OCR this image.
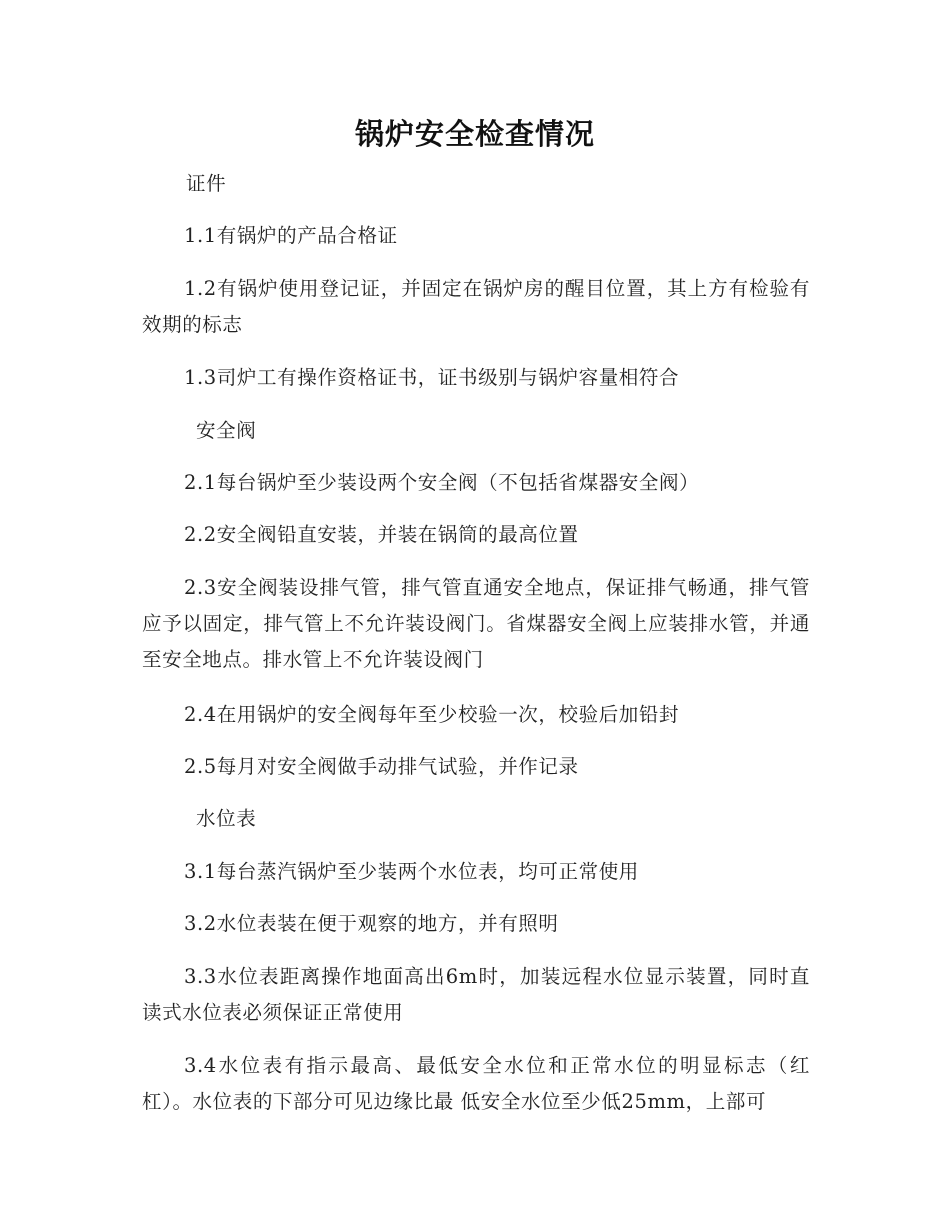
锅炉安全检查情况

证件

1.1有锅炉的产品合格证

1.2有锅炉使用登记证，并固定在锅炉房的醒目位置，其上方有检验有效期的标志

1.3司炉工有操作资格证书，证书级别与锅炉容量相符合

安全阀

2.1每台锅炉至少装设两个安全阀（不包括省煤器安全阀）

2.2安全阀铅直安装，并装在锅筒的最高位置

2.3安全阀装设排气管，排气管直通安全地点，保证排气畅通，排气管应予以固定，排气管上不允许装设阀门。省煤器安全阀上应装排水管，并通至安全地点。排水管上不允许装设阀门

2.4在用锅炉的安全阀每年至少校验一次，校验后加铅封

2.5每月对安全阀做手动排气试验，并作记录

水位表

3.1每台蒸汽锅炉至少装两个水位表，均可正常使用

3.2水位表装在便于观察的地方，并有照明

3.3水位表距离操作地面高出6m时，加装远程水位显示装置，同时直读式水位表必须保证正常使用

3.4水位表有指示最高、最低安全水位和正常水位的明显标志（红杠）。水位表的下部分可见边缘比最 低安全水位至少低25mm，上部可
